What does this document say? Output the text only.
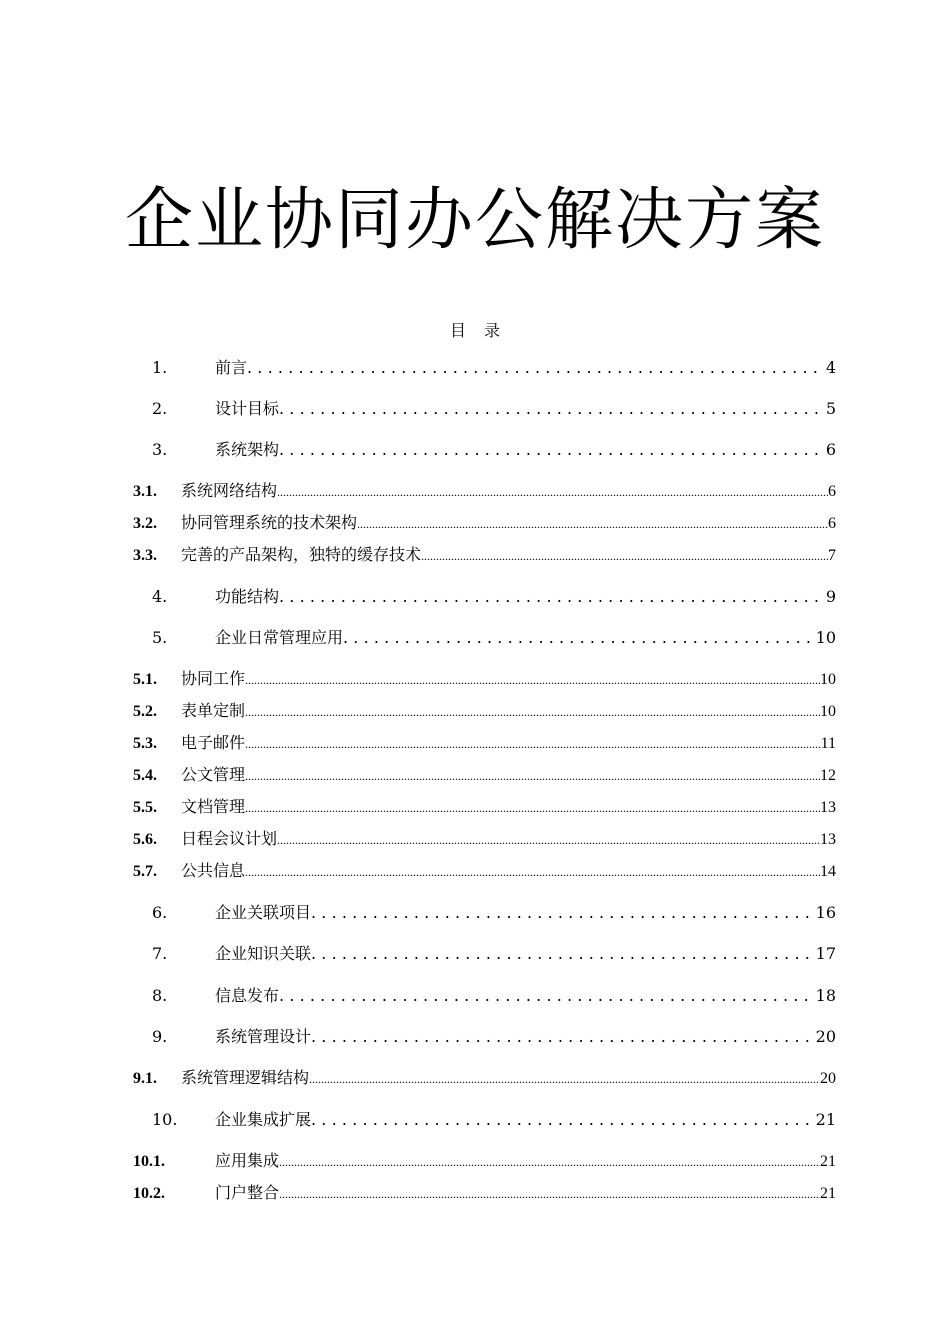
企业协同办公解决方案
目 录
1.	前言 .....	4
2.	设计目标 .....	5
3.	系统架构 .....	6
3.1.	系统网络结构 .....	6
3.2.	协同管理系统的技术架构 .....	6
3.3.	完善的产品架构，独特的缓存技术 .....	7
4.	功能结构 .....	9
5.	企业日常管理应用 .....	10
5.1.	协同工作 .....	10
5.2.	表单定制 .....	10
5.3.	电子邮件 .....	11
5.4.	公文管理 .....	12
5.5.	文档管理 .....	13
5.6.	日程会议计划 .....	13
5.7.	公共信息 .....	14
6.	企业关联项目 .....	16
7.	企业知识关联 .....	17
8.	信息发布 .....	18
9.	系统管理设计 .....	20
9.1.	系统管理逻辑结构 .....	20
10.	企业集成扩展 .....	21
10.1.	应用集成 .....	21
10.2.	门户整合 .....	21
